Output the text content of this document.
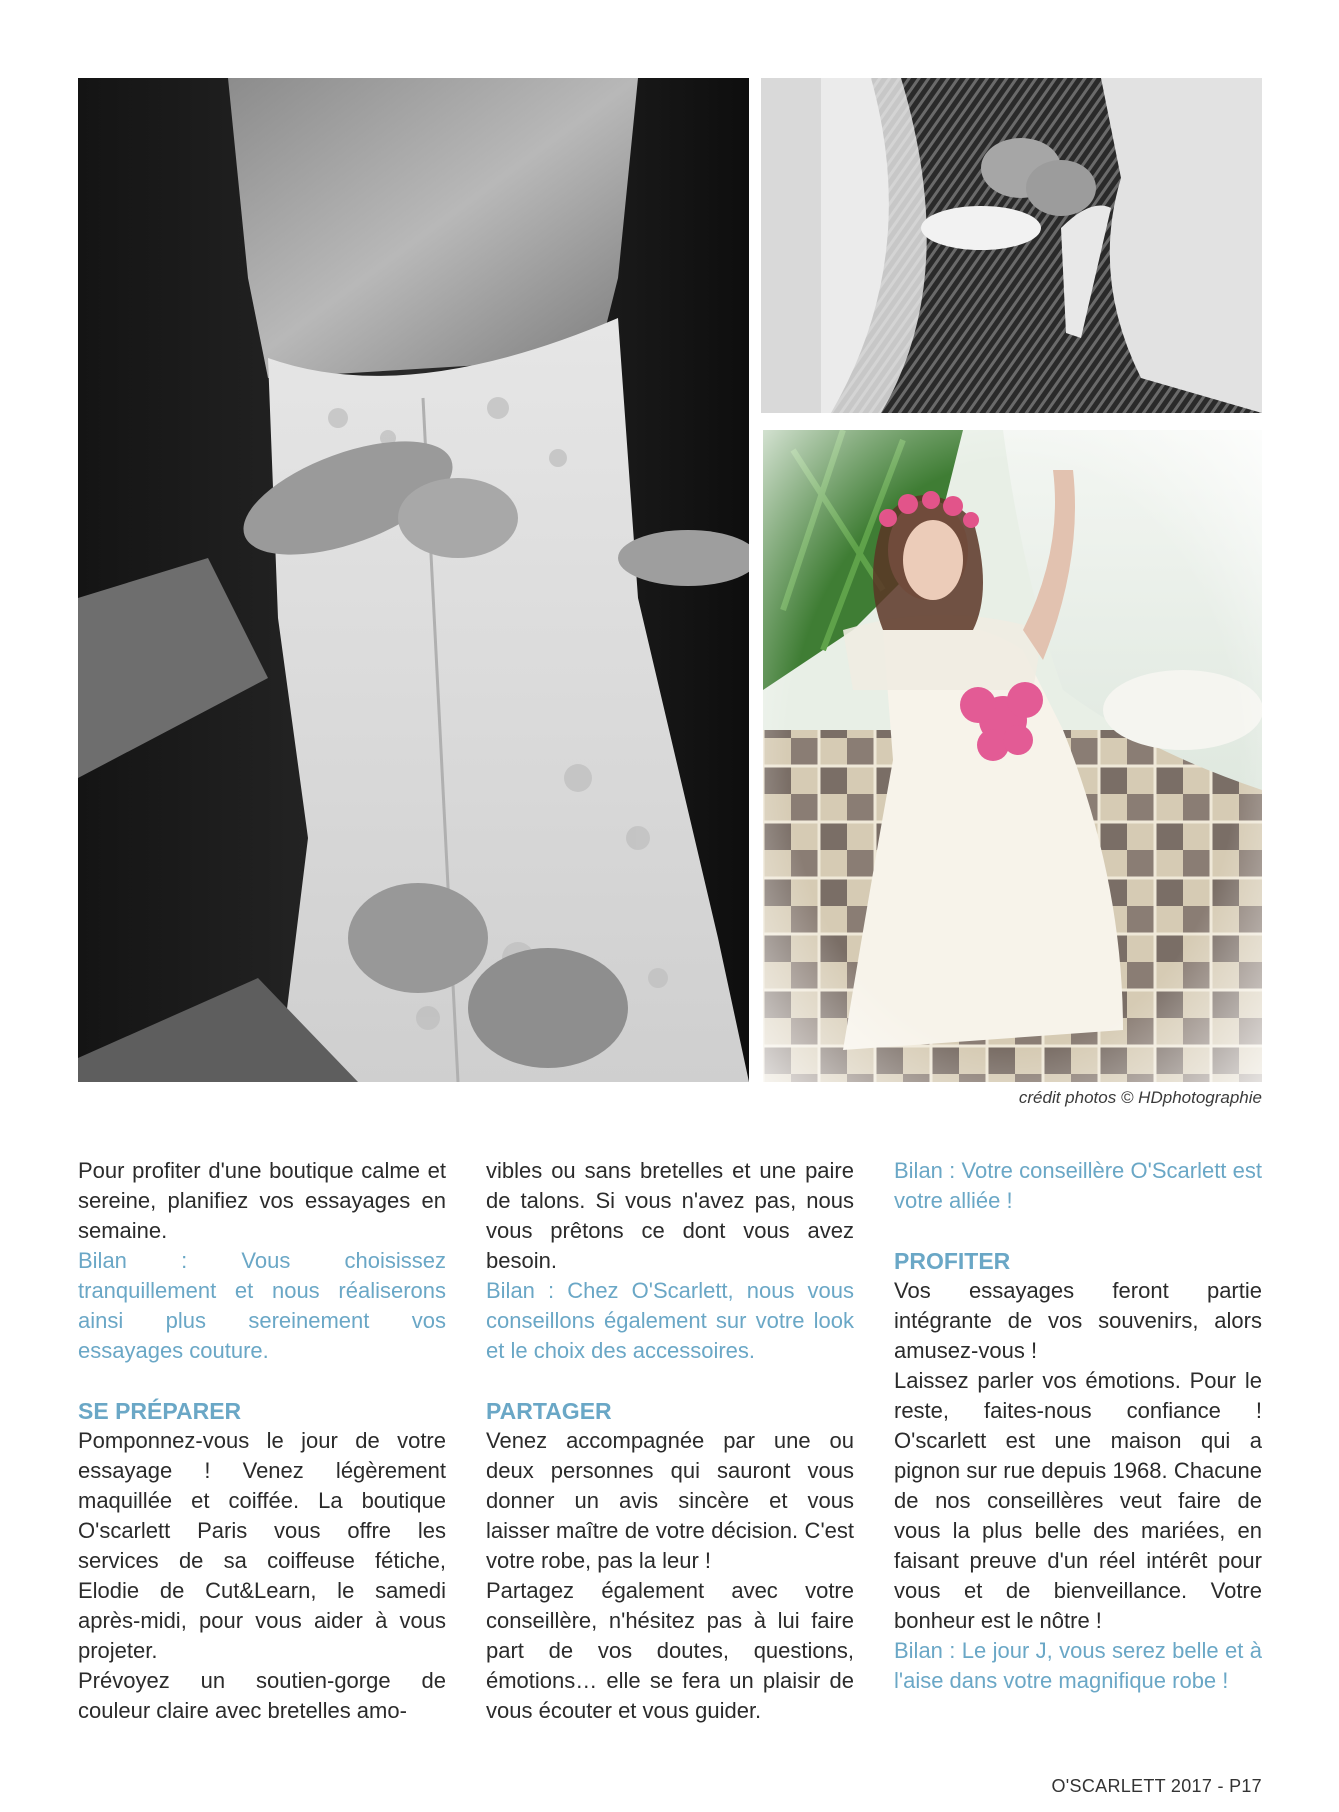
crédit photos © HDphotographie

Pour profiter d'une boutique calme et sereine, planifiez vos essayages en semaine.

Bilan : Vous choisissez tranquillement et nous réaliserons ainsi plus sereinement vos essayages couture.

SE PRÉPARER

Pomponnez-vous le jour de votre essayage ! Venez légèrement maquillée et coiffée. La boutique O'scarlett Paris vous offre les services de sa coiffeuse fétiche, Elodie de Cut&Learn, le samedi après-midi, pour vous aider à vous projeter.

Prévoyez un soutien-gorge de couleur claire avec bretelles amo-

vibles ou sans bretelles et une paire de talons. Si vous n'avez pas, nous vous prêtons ce dont vous avez besoin.

Bilan : Chez O'Scarlett, nous vous conseillons également sur votre look et le choix des accessoires.

PARTAGER

Venez accompagnée par une ou deux personnes qui sauront vous donner un avis sincère et vous laisser maître de votre décision. C'est votre robe, pas la leur !

Partagez également avec votre conseillère, n'hésitez pas à lui faire part de vos doutes, questions, émotions… elle se fera un plaisir de vous écouter et vous guider.

Bilan : Votre conseillère O'Scarlett est votre alliée !

PROFITER

Vos essayages feront partie intégrante de vos souvenirs, alors amusez-vous !

Laissez parler vos émotions. Pour le reste, faites-nous confiance ! O'scarlett est une maison qui a pignon sur rue depuis 1968. Chacune de nos conseillères veut faire de vous la plus belle des mariées, en faisant preuve d'un réel intérêt pour vous et de bienveillance. Votre bonheur est le nôtre !

Bilan : Le jour J, vous serez belle et à l'aise dans votre magnifique robe !

O'SCARLETT 2017 - P17
